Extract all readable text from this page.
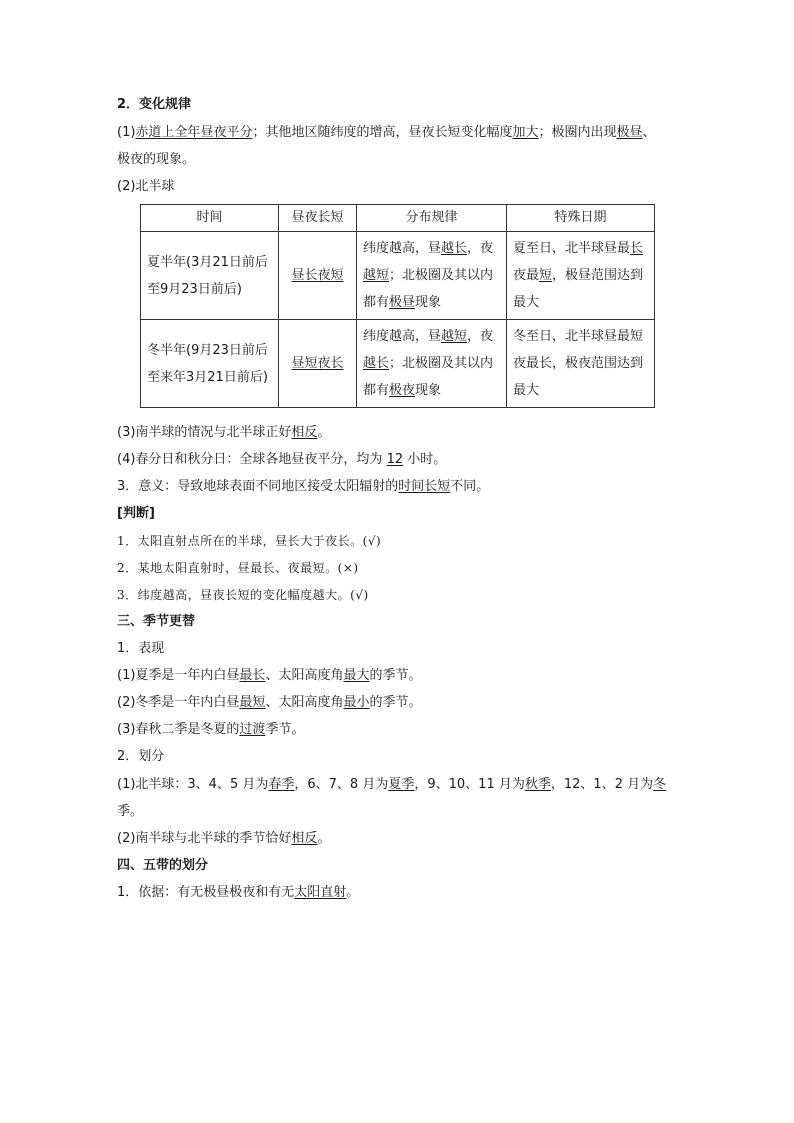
2．变化规律
(1)赤道上全年昼夜平分；其他地区随纬度的增高，昼夜长短变化幅度加大；极圈内出现极昼、
极夜的现象。
(2)北半球
时间	昼夜长短	分布规律	特殊日期
夏半年(3月21日前后至9月23日前后)	昼长夜短	纬度越高，昼越长，夜越短；北极圈及其以内都有极昼现象	夏至日，北半球昼最长夜最短，极昼范围达到最大
冬半年(9月23日前后至来年3月21日前后)	昼短夜长	纬度越高，昼越短，夜越长；北极圈及其以内都有极夜现象	冬至日，北半球昼最短夜最长，极夜范围达到最大
(3)南半球的情况与北半球正好相反。
(4)春分日和秋分日：全球各地昼夜平分，均为 12 小时。
3．意义：导致地球表面不同地区接受太阳辐射的时间长短不同。
[判断]
1．太阳直射点所在的半球，昼长大于夜长。(√)
2．某地太阳直射时，昼最长、夜最短。(×)
3．纬度越高，昼夜长短的变化幅度越大。(√)
三、季节更替
1．表现
(1)夏季是一年内白昼最长、太阳高度角最大的季节。
(2)冬季是一年内白昼最短、太阳高度角最小的季节。
(3)春秋二季是冬夏的过渡季节。
2．划分
(1)北半球：3、4、5 月为春季，6、7、8 月为夏季，9、10、11 月为秋季，12、1、2 月为冬
季。
(2)南半球与北半球的季节恰好相反。
四、五带的划分
1．依据：有无极昼极夜和有无太阳直射。
